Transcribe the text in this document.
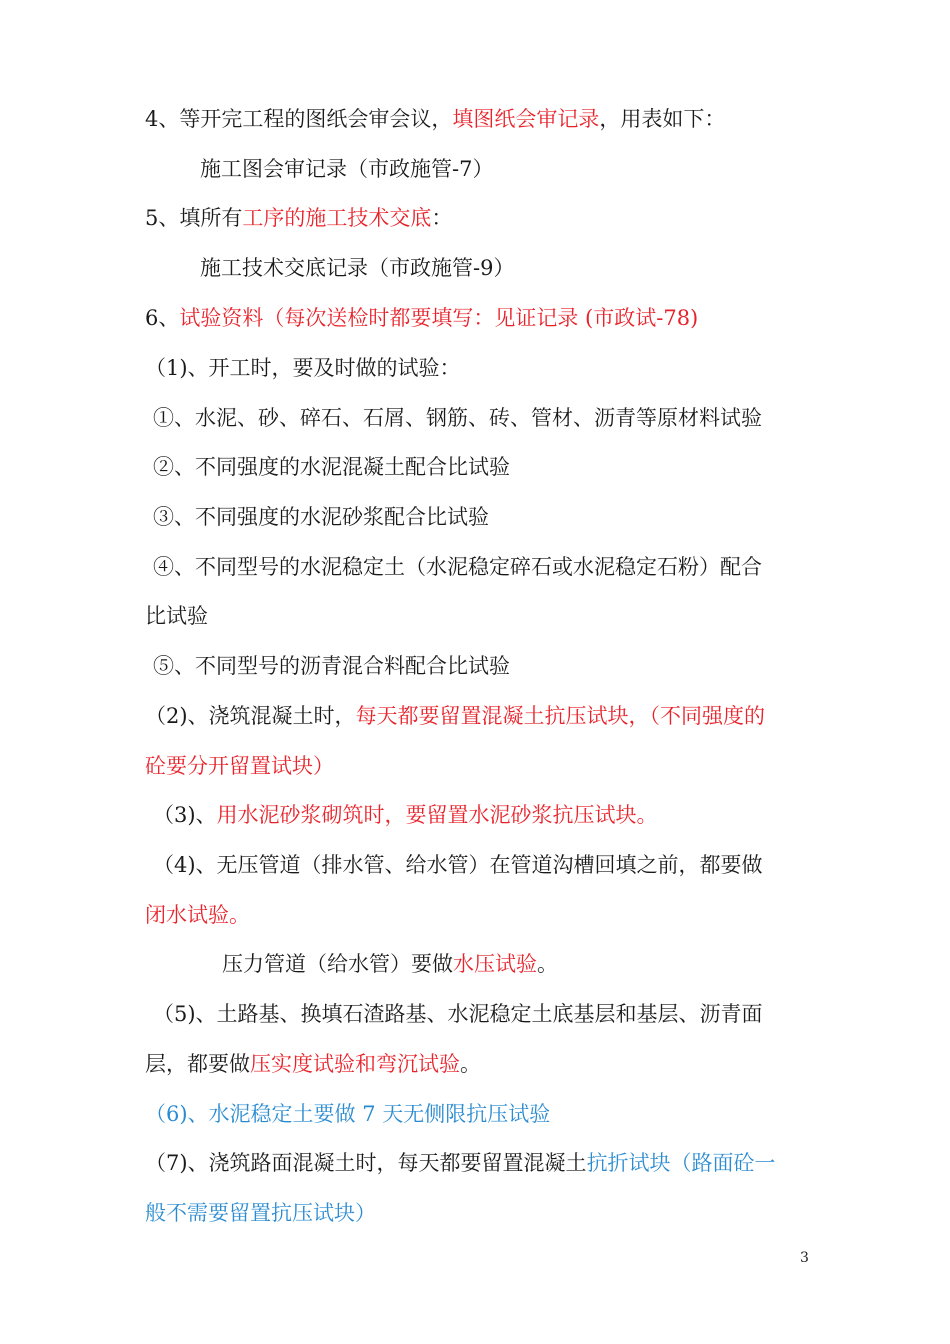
4、等开完工程的图纸会审会议，填图纸会审记录，用表如下：
施工图会审记录（市政施管-7）
5、填所有工序的施工技术交底：
施工技术交底记录（市政施管-9）
6、试验资料（每次送检时都要填写：见证记录 (市政试-78)
（1)、开工时，要及时做的试验：
①、水泥、砂、碎石、石屑、钢筋、砖、管材、沥青等原材料试验
②、不同强度的水泥混凝土配合比试验
③、不同强度的水泥砂浆配合比试验
④、不同型号的水泥稳定土（水泥稳定碎石或水泥稳定石粉）配合
比试验
⑤、不同型号的沥青混合料配合比试验
（2)、浇筑混凝土时，每天都要留置混凝土抗压试块，（不同强度的
砼要分开留置试块）
（3)、用水泥砂浆砌筑时，要留置水泥砂浆抗压试块。
（4)、无压管道（排水管、给水管）在管道沟槽回填之前，都要做
闭水试验。
压力管道（给水管）要做水压试验。
（5)、土路基、换填石渣路基、水泥稳定土底基层和基层、沥青面
层，都要做压实度试验和弯沉试验。
（6)、水泥稳定土要做 7 天无侧限抗压试验
（7)、浇筑路面混凝土时，每天都要留置混凝土抗折试块（路面砼一
般不需要留置抗压试块）
3
